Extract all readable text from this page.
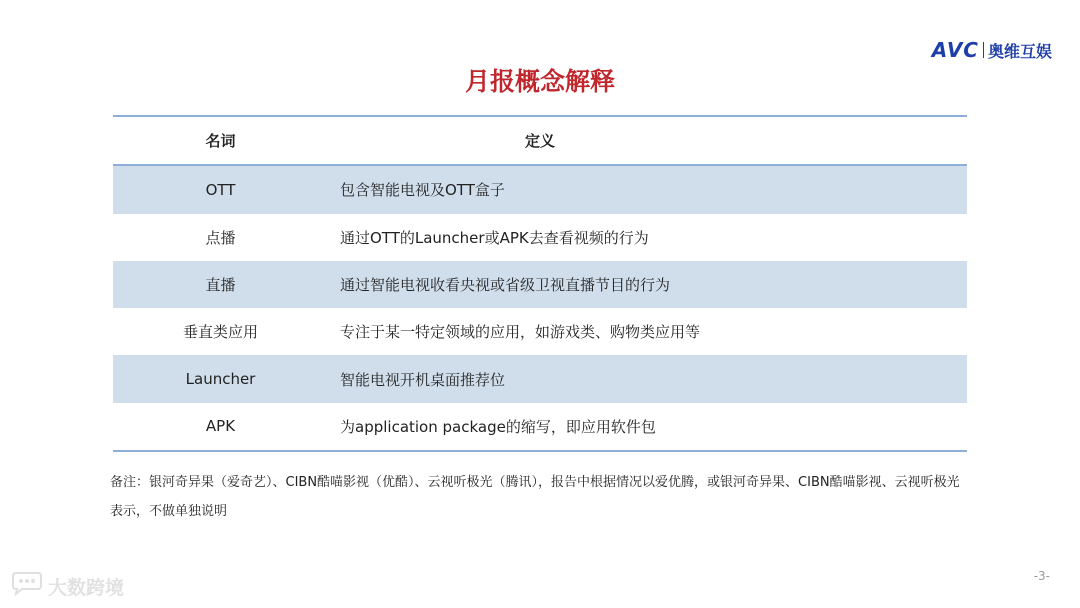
AVC 奥维互娱
月报概念解释
名词	定义
OTT	包含智能电视及OTT盒子
点播	通过OTT的Launcher或APK去查看视频的行为
直播	通过智能电视收看央视或省级卫视直播节目的行为
垂直类应用	专注于某一特定领域的应用，如游戏类、购物类应用等
Launcher	智能电视开机桌面推荐位
APK	为application package的缩写，即应用软件包

备注：银河奇异果（爱奇艺）、CIBN酷喵影视（优酷）、云视听极光（腾讯），报告中根据情况以爱优腾，或银河奇异果、CIBN酷喵影视、云视听极光表示，不做单独说明

大数跨境
-3-
